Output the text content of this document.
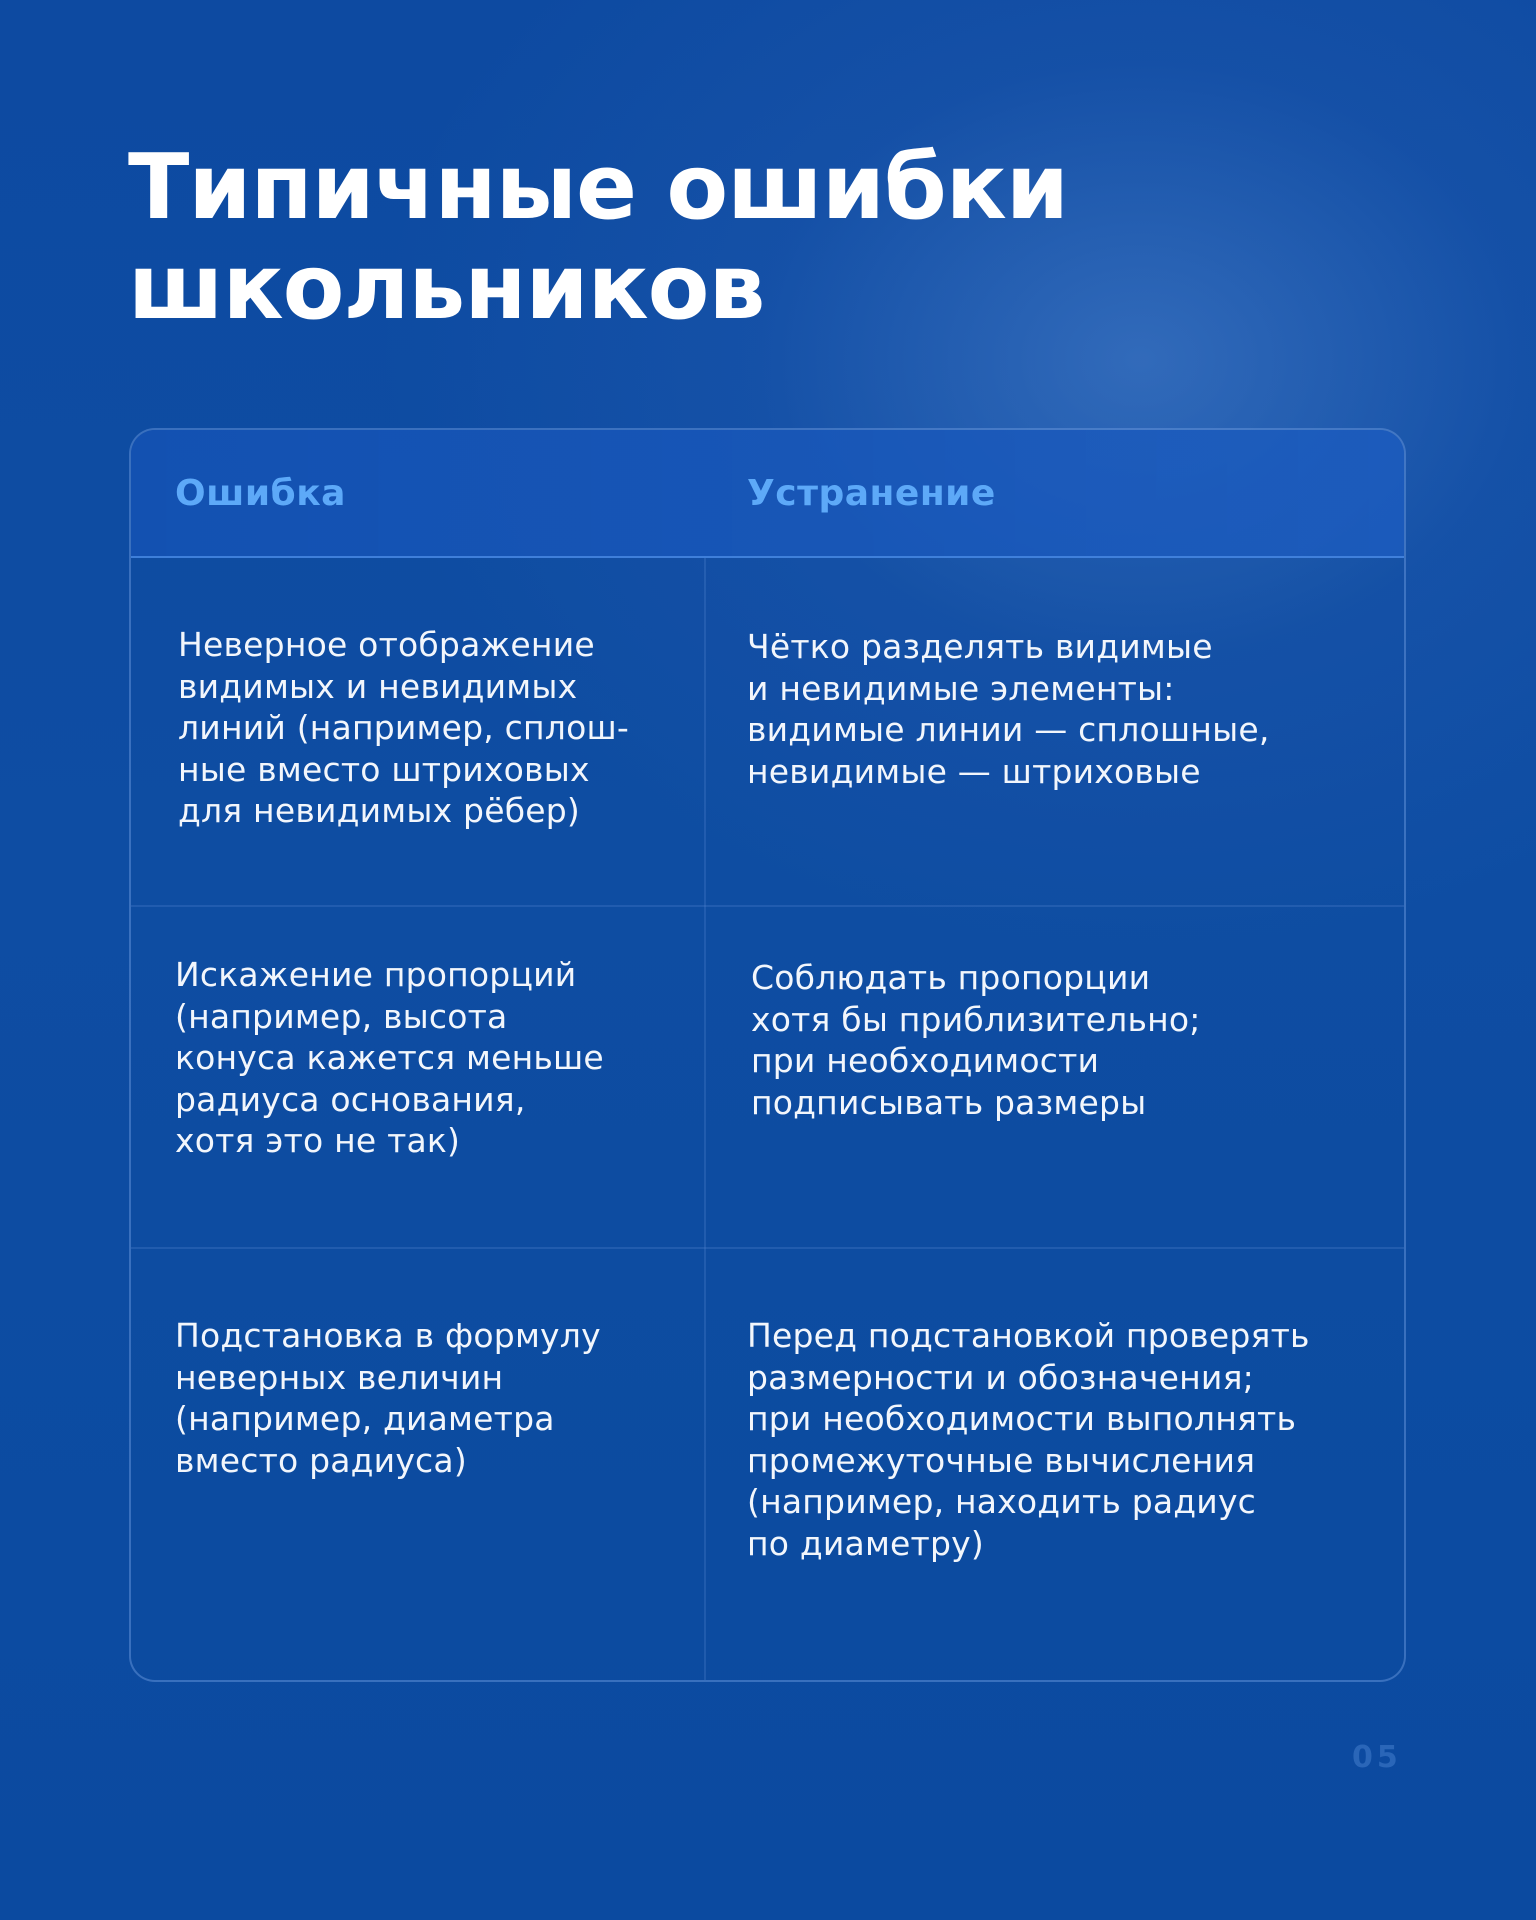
Типичные ошибки
школьников
Ошибка	Устранение

Неверное отображение
видимых и невидимых
линий (например, сплош-
ные вместо штриховых
для невидимых рёбер)

Чётко разделять видимые
и невидимые элементы:
видимые линии — сплошные,
невидимые — штриховые

Искажение пропорций
(например, высота
конуса кажется меньше
радиуса основания,
хотя это не так)

Соблюдать пропорции
хотя бы приблизительно;
при необходимости
подписывать размеры

Подстановка в формулу
неверных величин
(например, диаметра
вместо радиуса)

Перед подстановкой проверять
размерности и обозначения;
при необходимости выполнять
промежуточные вычисления
(например, находить радиус
по диаметру)

05
